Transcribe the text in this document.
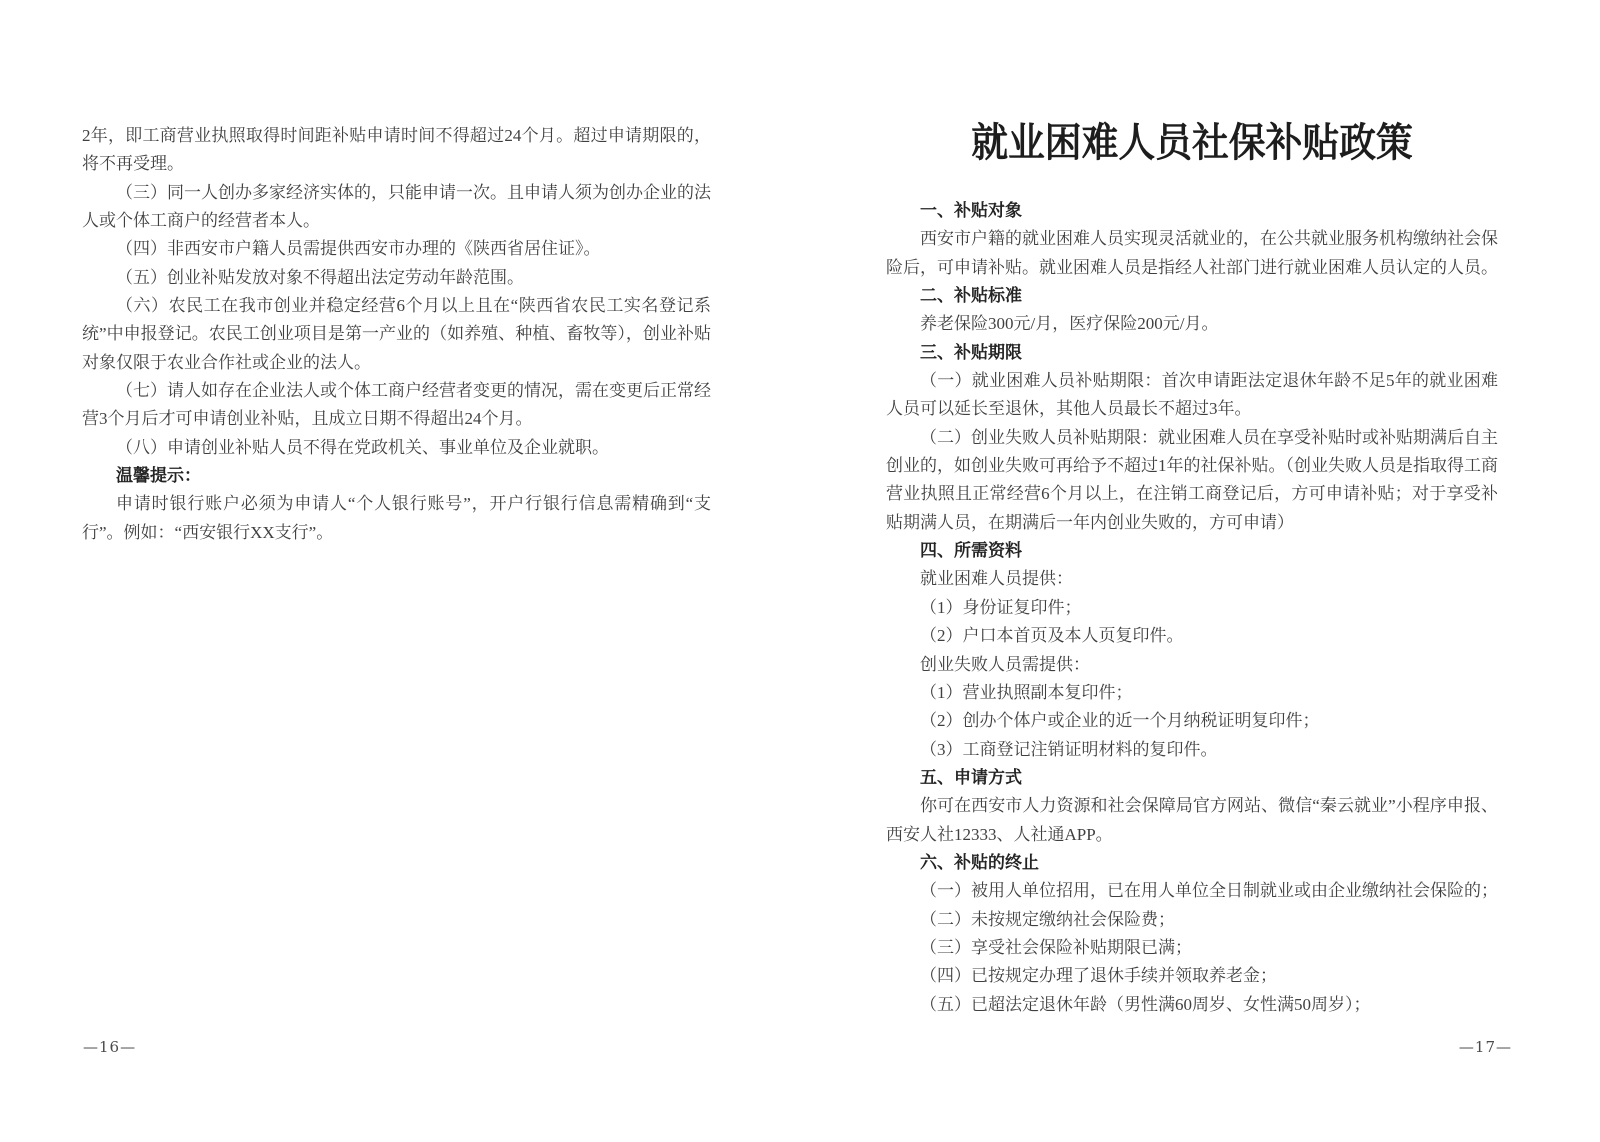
2年，即工商营业执照取得时间距补贴申请时间不得超过24个月。超过申请期限的，将不再受理。

（三）同一人创办多家经济实体的，只能申请一次。且申请人须为创办企业的法人或个体工商户的经营者本人。

（四）非西安市户籍人员需提供西安市办理的《陕西省居住证》。

（五）创业补贴发放对象不得超出法定劳动年龄范围。

（六）农民工在我市创业并稳定经营6个月以上且在“陕西省农民工实名登记系统”中申报登记。农民工创业项目是第一产业的（如养殖、种植、畜牧等），创业补贴对象仅限于农业合作社或企业的法人。

（七）请人如存在企业法人或个体工商户经营者变更的情况，需在变更后正常经营3个月后才可申请创业补贴，且成立日期不得超出24个月。

（八）申请创业补贴人员不得在党政机关、事业单位及企业就职。

温馨提示：

申请时银行账户必须为申请人“个人银行账号”，开户行银行信息需精确到“支行”。例如：“西安银行XX支行”。

—16—
就业困难人员社保补贴政策

一、补贴对象

西安市户籍的就业困难人员实现灵活就业的，在公共就业服务机构缴纳社会保险后，可申请补贴。就业困难人员是指经人社部门进行就业困难人员认定的人员。

二、补贴标准

养老保险300元/月，医疗保险200元/月。

三、补贴期限

（一）就业困难人员补贴期限：首次申请距法定退休年龄不足5年的就业困难人员可以延长至退休，其他人员最长不超过3年。

（二）创业失败人员补贴期限：就业困难人员在享受补贴时或补贴期满后自主创业的，如创业失败可再给予不超过1年的社保补贴。（创业失败人员是指取得工商营业执照且正常经营6个月以上，在注销工商登记后，方可申请补贴；对于享受补贴期满人员，在期满后一年内创业失败的，方可申请）

四、所需资料

就业困难人员提供：

（1）身份证复印件；

（2）户口本首页及本人页复印件。

创业失败人员需提供：

（1）营业执照副本复印件；

（2）创办个体户或企业的近一个月纳税证明复印件；

（3）工商登记注销证明材料的复印件。

五、申请方式

你可在西安市人力资源和社会保障局官方网站、微信“秦云就业”小程序申报、西安人社12333、人社通APP。

六、补贴的终止

（一）被用人单位招用，已在用人单位全日制就业或由企业缴纳社会保险的；

（二）未按规定缴纳社会保险费；

（三）享受社会保险补贴期限已满；

（四）已按规定办理了退休手续并领取养老金；

（五）已超法定退休年龄（男性满60周岁、女性满50周岁）；

—17—
